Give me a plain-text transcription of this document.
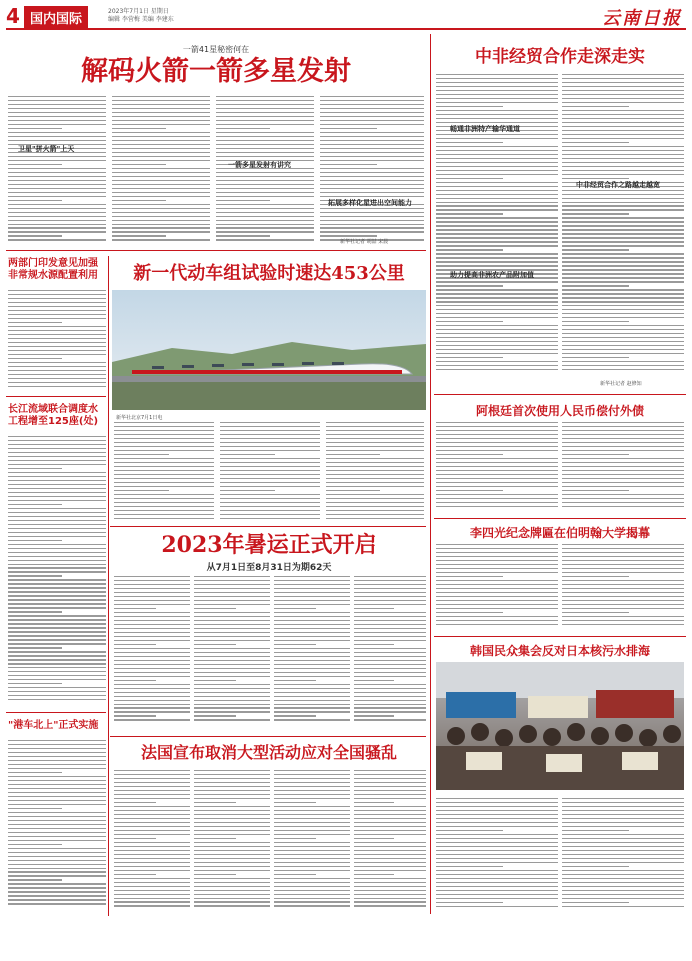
4 国内国际
2023年7月1日 星期日
编辑 李营梅 美编 李建东	云南日报
一箭41星秘密何在
解码火箭一箭多星发射
卫星"拼火箭"上天
一箭多星发射有讲究
拓展多样化星进出空间能力
新华社记者 胡喆 宋晨
中非经贸合作走深走实
畅通非洲特产输华通道
助力提高非洲农产品附加值
中非经贸合作之路越走越宽
新华社记者 赵修知
阿根廷首次使用人民币偿付外债
李四光纪念牌匾在伯明翰大学揭幕
韩国民众集会反对日本核污水排海
两部门印发意见加强非常规水源配置利用
长江流域联合调度水工程增至125座(处)
"港车北上"正式实施
新一代动车组试验时速达453公里
新华社北京7月1日电
2023年暑运正式开启
从7月1日至8月31日为期62天
法国宣布取消大型活动应对全国骚乱
